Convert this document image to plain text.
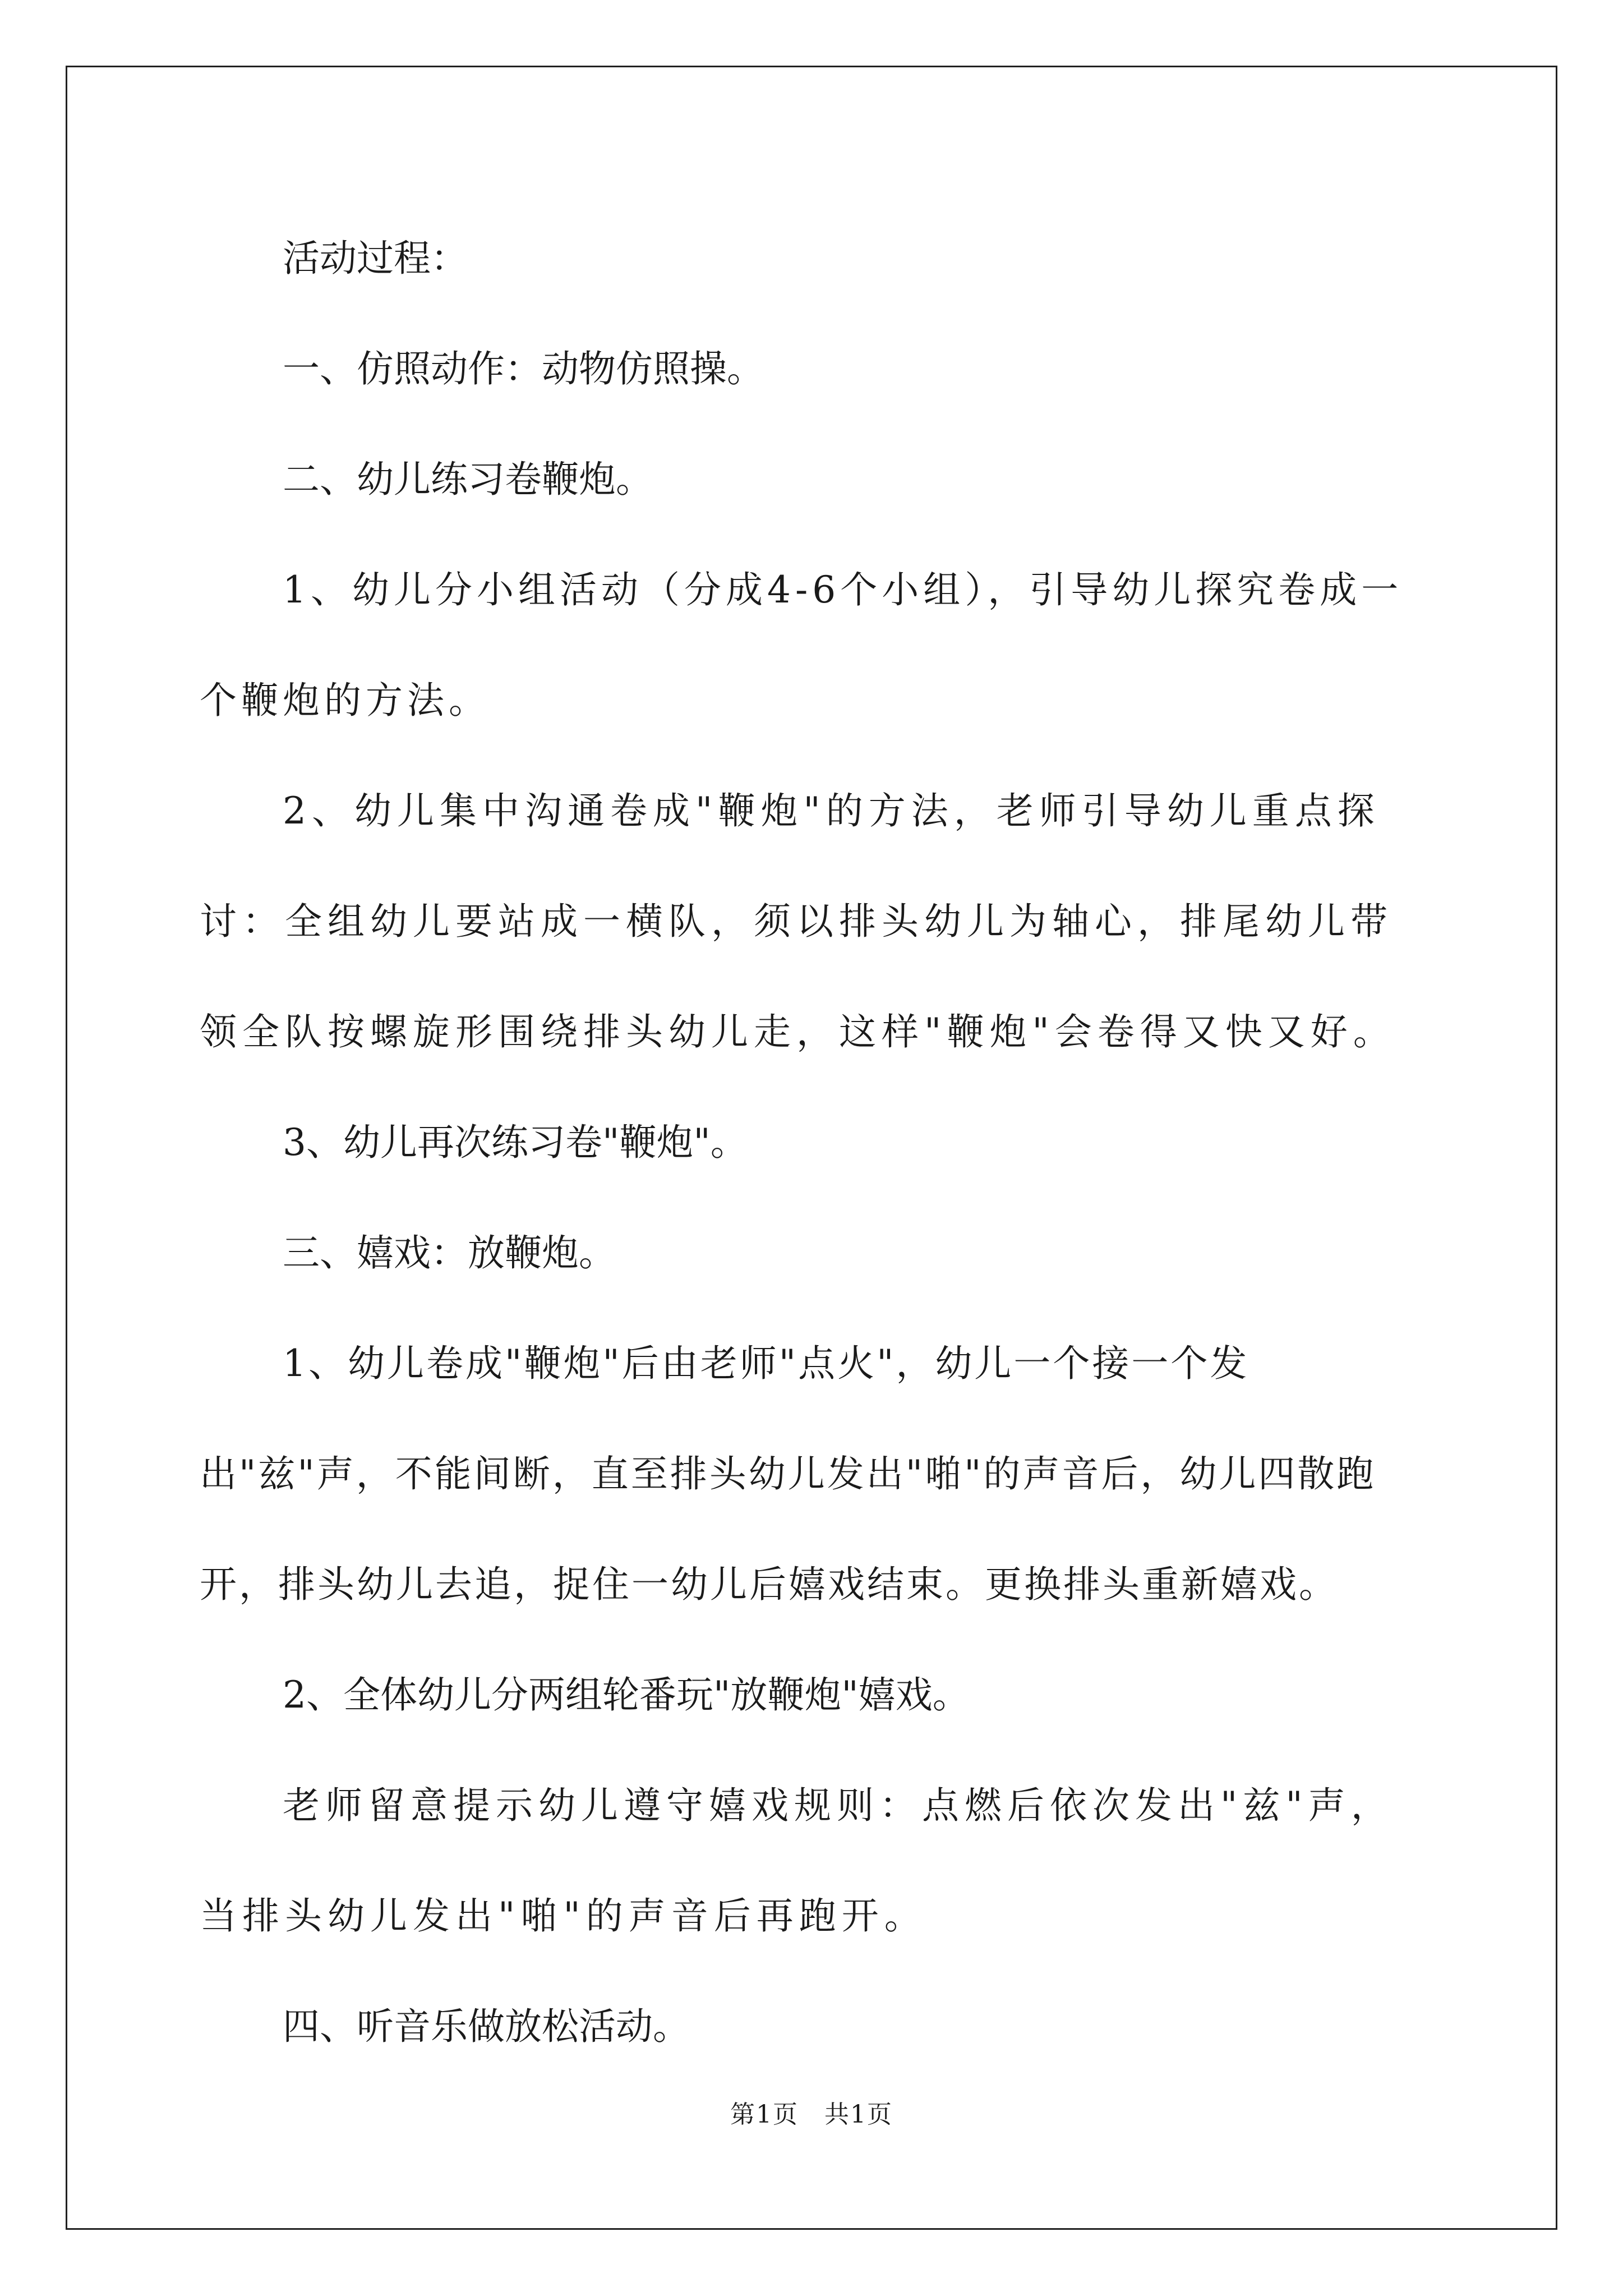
活动过程：

一、仿照动作：动物仿照操。

二、幼儿练习卷鞭炮。

1、幼儿分小组活动（分成4-6个小组），引导幼儿探究卷成一个鞭炮的方法。

2、幼儿集中沟通卷成"鞭炮"的方法，老师引导幼儿重点探讨：全组幼儿要站成一横队，须以排头幼儿为轴心，排尾幼儿带领全队按螺旋形围绕排头幼儿走，这样"鞭炮"会卷得又快又好。

3、幼儿再次练习卷"鞭炮"。

三、嬉戏：放鞭炮。

1、幼儿卷成"鞭炮"后由老师"点火"，幼儿一个接一个发出"兹"声，不能间断，直至排头幼儿发出"啪"的声音后，幼儿四散跑开，排头幼儿去追，捉住一幼儿后嬉戏结束。更换排头重新嬉戏。

2、全体幼儿分两组轮番玩"放鞭炮"嬉戏。

老师留意提示幼儿遵守嬉戏规则：点燃后依次发出"兹"声，当排头幼儿发出"啪"的声音后再跑开。

四、听音乐做放松活动。

第1页　共1页
